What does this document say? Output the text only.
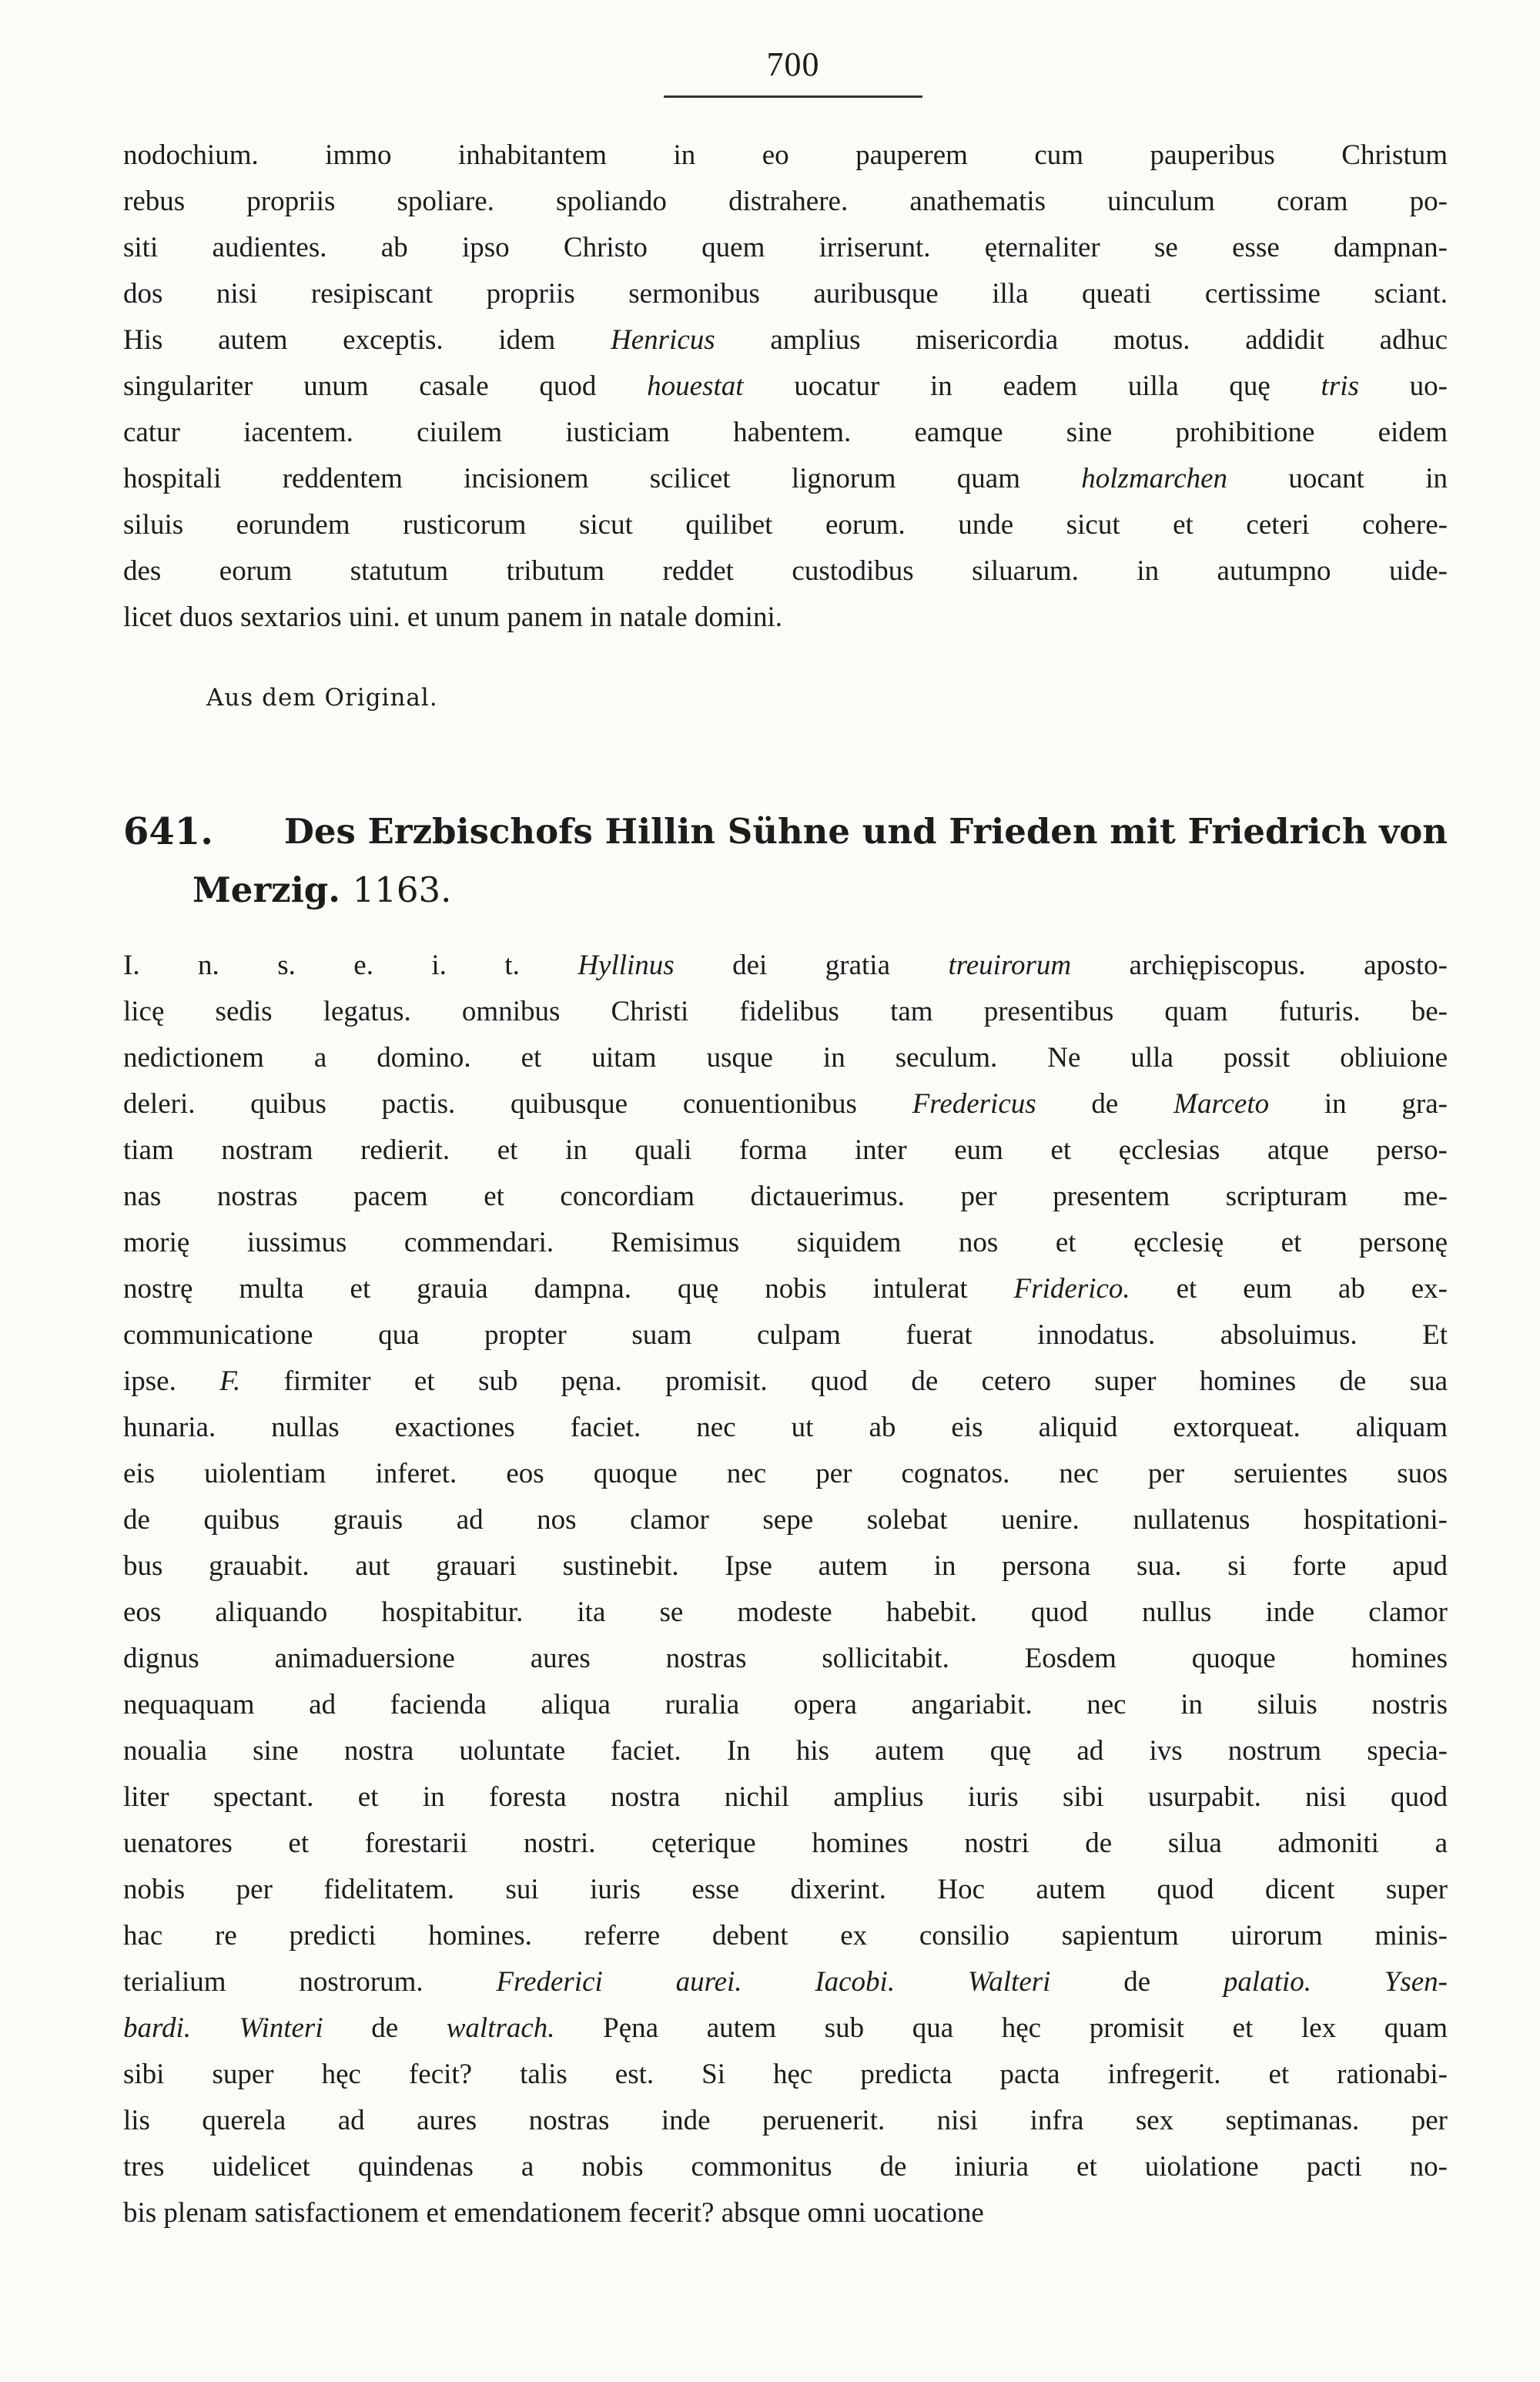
700
nodochium. immo inhabitantem in eo pauperem cum pauperibus Christum
rebus propriis spoliare. spoliando distrahere. anathematis uinculum coram po-
siti audientes. ab ipso Christo quem irriserunt. ęternaliter se esse dampnan-
dos nisi resipiscant propriis sermonibus auribusque illa queati certissime sciant.
His autem exceptis. idem Henricus amplius misericordia motus. addidit adhuc
singulariter unum casale quod houestat uocatur in eadem uilla quę tris uo-
catur iacentem. ciuilem iusticiam habentem. eamque sine prohibitione eidem
hospitali reddentem incisionem scilicet lignorum quam holzmarchen uocant in
siluis eorundem rusticorum sicut quilibet eorum. unde sicut et ceteri cohere-
des eorum statutum tributum reddet custodibus siluarum. in autumpno uide-
licet duos sextarios uini. et unum panem in natale domini.
Aus dem Original.
641. Des Erzbischofs Hillin Sühne und Frieden mit Friedrich von
Merzig. 1163.
I. n. s. e. i. t. Hyllinus dei gratia treuirorum archiępiscopus. aposto-
licę sedis legatus. omnibus Christi fidelibus tam presentibus quam futuris. be-
nedictionem a domino. et uitam usque in seculum. Ne ulla possit obliuione
deleri. quibus pactis. quibusque conuentionibus Fredericus de Marceto in gra-
tiam nostram redierit. et in quali forma inter eum et ęcclesias atque perso-
nas nostras pacem et concordiam dictauerimus. per presentem scripturam me-
morię iussimus commendari. Remisimus siquidem nos et ęcclesię et personę
nostrę multa et grauia dampna. quę nobis intulerat Friderico. et eum ab ex-
communicatione qua propter suam culpam fuerat innodatus. absoluimus. Et
ipse. F. firmiter et sub pęna. promisit. quod de cetero super homines de sua
hunaria. nullas exactiones faciet. nec ut ab eis aliquid extorqueat. aliquam
eis uiolentiam inferet. eos quoque nec per cognatos. nec per seruientes suos
de quibus grauis ad nos clamor sepe solebat uenire. nullatenus hospitationi-
bus grauabit. aut grauari sustinebit. Ipse autem in persona sua. si forte apud
eos aliquando hospitabitur. ita se modeste habebit. quod nullus inde clamor
dignus animaduersione aures nostras sollicitabit. Eosdem quoque homines
nequaquam ad facienda aliqua ruralia opera angariabit. nec in siluis nostris
noualia sine nostra uoluntate faciet. In his autem quę ad ivs nostrum specia-
liter spectant. et in foresta nostra nichil amplius iuris sibi usurpabit. nisi quod
uenatores et forestarii nostri. cęterique homines nostri de silua admoniti a
nobis per fidelitatem. sui iuris esse dixerint. Hoc autem quod dicent super
hac re predicti homines. referre debent ex consilio sapientum uirorum minis-
terialium nostrorum. Frederici aurei. Iacobi. Walteri de palatio. Ysen-
bardi. Winteri de waltrach. Pęna autem sub qua hęc promisit et lex quam
sibi super hęc fecit? talis est. Si hęc predicta pacta infregerit. et rationabi-
lis querela ad aures nostras inde peruenerit. nisi infra sex septimanas. per
tres uidelicet quindenas a nobis commonitus de iniuria et uiolatione pacti no-
bis plenam satisfactionem et emendationem fecerit? absque omni uocatione
